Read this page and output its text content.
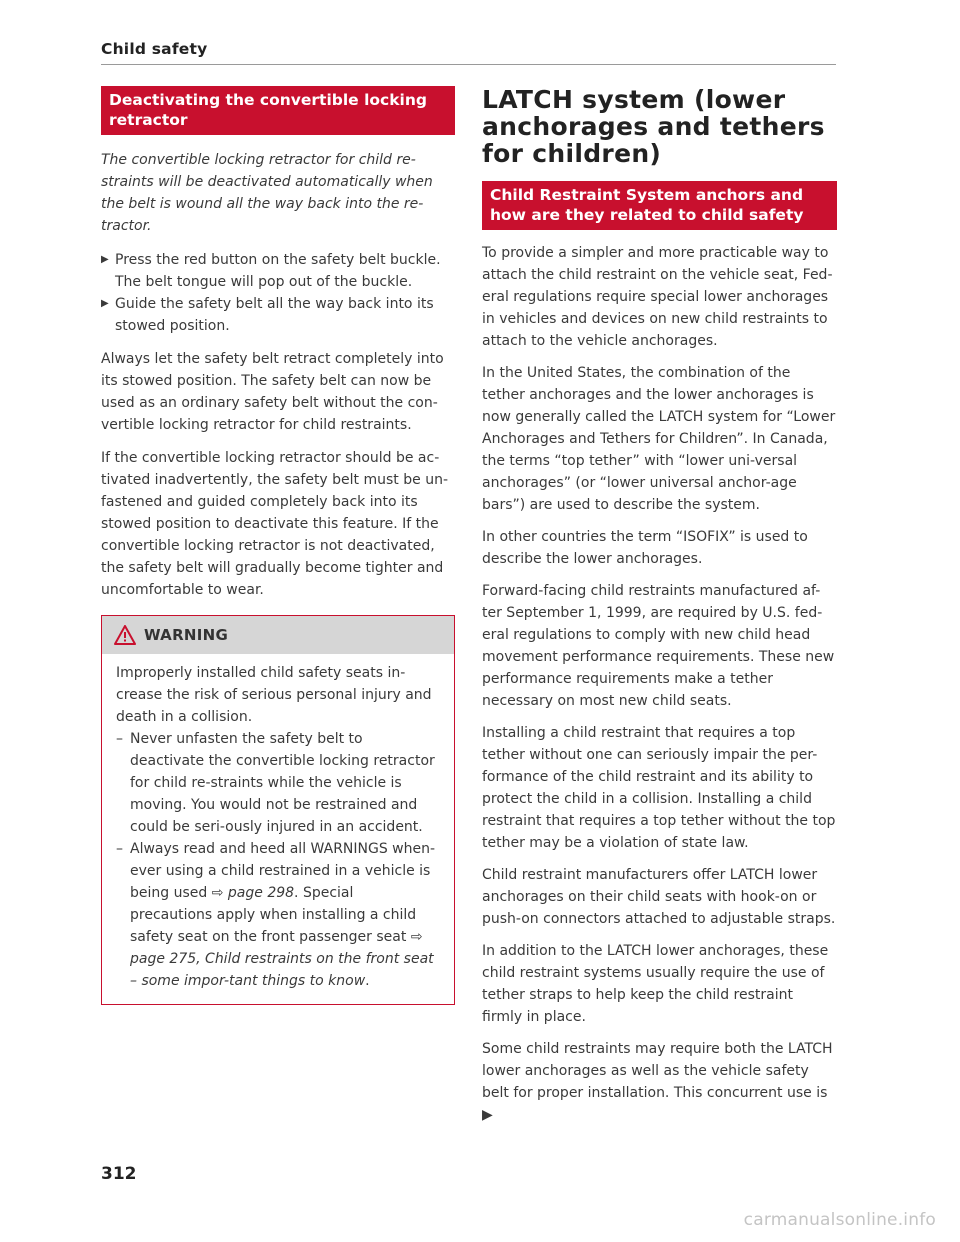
Child safety
Deactivating the convertible locking retractor

The convertible locking retractor for child re-straints will be deactivated automatically when the belt is wound all the way back into the re-tractor.

▶ Press the red button on the safety belt buckle. The belt tongue will pop out of the buckle.
▶ Guide the safety belt all the way back into its stowed position.

Always let the safety belt retract completely into its stowed position. The safety belt can now be used as an ordinary safety belt without the con-vertible locking retractor for child restraints.

If the convertible locking retractor should be ac-tivated inadvertently, the safety belt must be un-fastened and guided completely back into its stowed position to deactivate this feature. If the convertible locking retractor is not deactivated, the safety belt will gradually become tighter and uncomfortable to wear.

WARNING

Improperly installed child safety seats in-crease the risk of serious personal injury and death in a collision.

– Never unfasten the safety belt to deactivate the convertible locking retractor for child re-straints while the vehicle is moving. You would not be restrained and could be seri-ously injured in an accident.
– Always read and heed all WARNINGS when-ever using a child restrained in a vehicle is being used ⇨ page 298. Special precautions apply when installing a child safety seat on the front passenger seat ⇨ page 275, Child restraints on the front seat – some impor-tant things to know.
LATCH system (lower anchorages and tethers for children)
Child Restraint System anchors and how are they related to child safety

To provide a simpler and more practicable way to attach the child restraint on the vehicle seat, Fed-eral regulations require special lower anchorages in vehicles and devices on new child restraints to attach to the vehicle anchorages.

In the United States, the combination of the tether anchorages and the lower anchorages is now generally called the LATCH system for “Lower Anchorages and Tethers for Children”. In Canada, the terms “top tether” with “lower uni-versal anchorages” (or “lower universal anchor-age bars”) are used to describe the system.

In other countries the term “ISOFIX” is used to describe the lower anchorages.

Forward-facing child restraints manufactured af-ter September 1, 1999, are required by U.S. fed-eral regulations to comply with new child head movement performance requirements. These new performance requirements make a tether necessary on most new child seats.

Installing a child restraint that requires a top tether without one can seriously impair the per-formance of the child restraint and its ability to protect the child in a collision. Installing a child restraint that requires a top tether without the top tether may be a violation of state law.

Child restraint manufacturers offer LATCH lower anchorages on their child seats with hook-on or push-on connectors attached to adjustable straps.

In addition to the LATCH lower anchorages, these child restraint systems usually require the use of tether straps to help keep the child restraint firmly in place.

Some child restraints may require both the LATCH lower anchorages as well as the vehicle safety belt for proper installation. This concurrent use is ▶

312
carmanualsonline.info
